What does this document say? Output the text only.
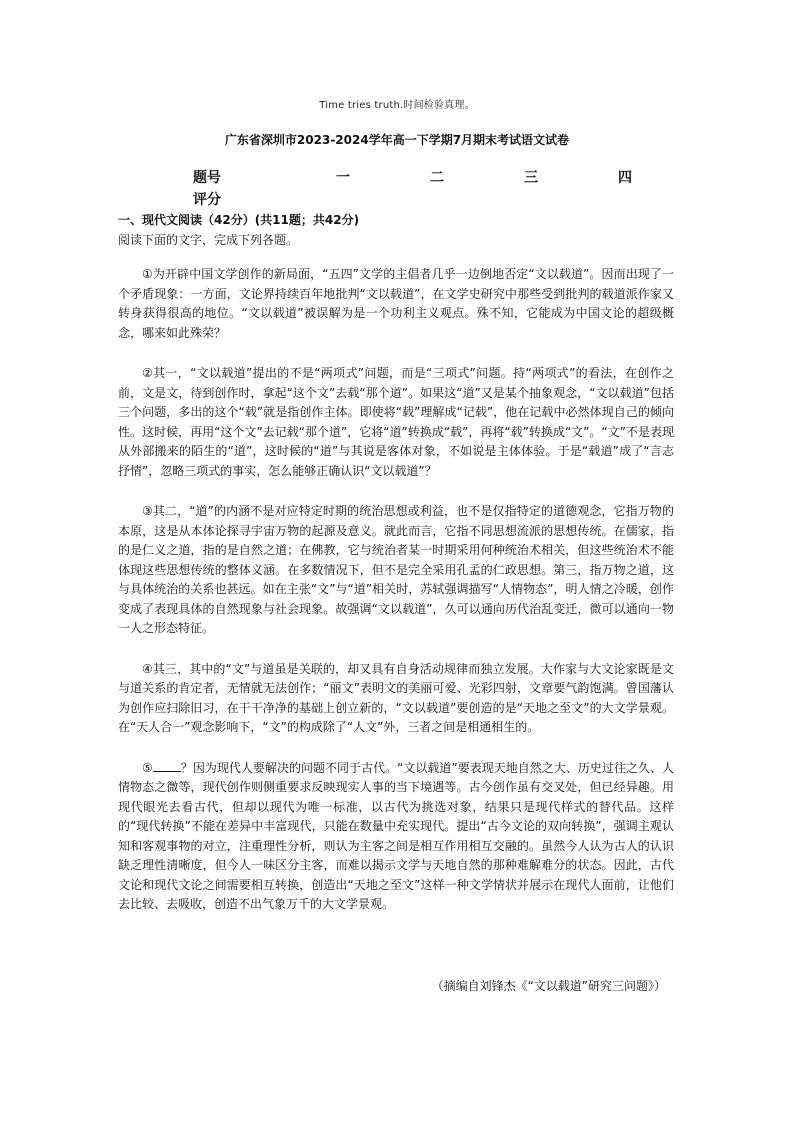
Time tries truth.时间检验真理。
广东省深圳市2023-2024学年高一下学期7月期末考试语文试卷
题号	一	二	三	四
评分
一、现代文阅读（42分）(共11题；共42分)
阅读下面的文字，完成下列各题。

①为开辟中国文学创作的新局面，“五四”文学的主倡者几乎一边倒地否定“文以载道”。因而出现了一个矛盾现象：一方面，文论界持续百年地批判“文以载道”，在文学史研究中那些受到批判的载道派作家又转身获得很高的地位。“文以载道”被误解为是一个功利主义观点。殊不知，它能成为中国文论的超级概念，哪来如此殊荣？

②其一，“文以载道”提出的不是“两项式”问题，而是“三项式”问题。持“两项式”的看法，在创作之前，文是文，待到创作时，拿起“这个文”去载“那个道”。如果这“道”又是某个抽象观念，“文以载道”包括三个问题，多出的这个“载”就是指创作主体。即使将“载”理解成“记载”，他在记载中必然体现自己的倾向性。这时候，再用“这个文”去记载“那个道”，它将“道”转换成“载”，再将“载”转换成“文”。“文”不是表现从外部搬来的陌生的“道”，这时候的“道”与其说是客体对象，不如说是主体体验。于是“载道”成了“言志抒情”，忽略三项式的事实，怎么能够正确认识“文以载道”？

③其二，“道”的内涵不是对应特定时期的统治思想或利益，也不是仅指特定的道德观念，它指万物的本原，这是从本体论探寻宇宙万物的起源及意义。就此而言，它指不同思想流派的思想传统。在儒家，指的是仁义之道，指的是自然之道；在佛教，它与统治者某一时期采用何种统治术相关，但这些统治术不能体现这些思想传统的整体义涵。在多数情况下，但不是完全采用孔孟的仁政思想。第三，指万物之道，这与具体统治的关系也甚远。如在主张“文”与“道”相关时，苏轼强调描写“人情物态”，明人情之冷暖，创作变成了表现具体的自然现象与社会现象。故强调“文以载道”，久可以通向历代治乱变迁，微可以通向一物一人之形态特征。

④其三，其中的“文”与道虽是关联的，却又具有自身活动规律而独立发展。大作家与大文论家既是文与道关系的肯定者，无情就无法创作；“丽文”表明文的美丽可爱、光彩四射，文章要气韵饱满。曾国藩认为创作应扫除旧习，在干干净净的基础上创立新的，“文以载道”要创造的是“天地之至文”的大文学景观。在“天人合一”观念影响下，“文”的构成除了“人文”外，三者之间是相通相生的。

⑤ ？因为现代人要解决的问题不同于古代。“文以载道”要表现天地自然之大、历史过往之久、人情物态之微等，现代创作则侧重要求反映现实人事的当下境遇等。古今创作虽有交叉处，但已经异趣。用现代眼光去看古代，但却以现代为唯一标准，以古代为挑选对象，结果只是现代样式的替代品。这样的“现代转换”不能在差异中丰富现代，只能在数量中充实现代。提出“古今文论的双向转换”，强调主观认知和客观事物的对立，注重理性分析，则认为主客之间是相互作用相互交融的。虽然今人认为古人的认识缺乏理性清晰度，但今人一味区分主客，而难以揭示文学与天地自然的那种难解难分的状态。因此，古代文论和现代文论之间需要相互转换，创造出“天地之至文”这样一种文学情状并展示在现代人面前，让他们去比较、去吸收，创造不出气象万千的大文学景观。

（摘编自刘锋杰《“文以载道”研究三问题》）
